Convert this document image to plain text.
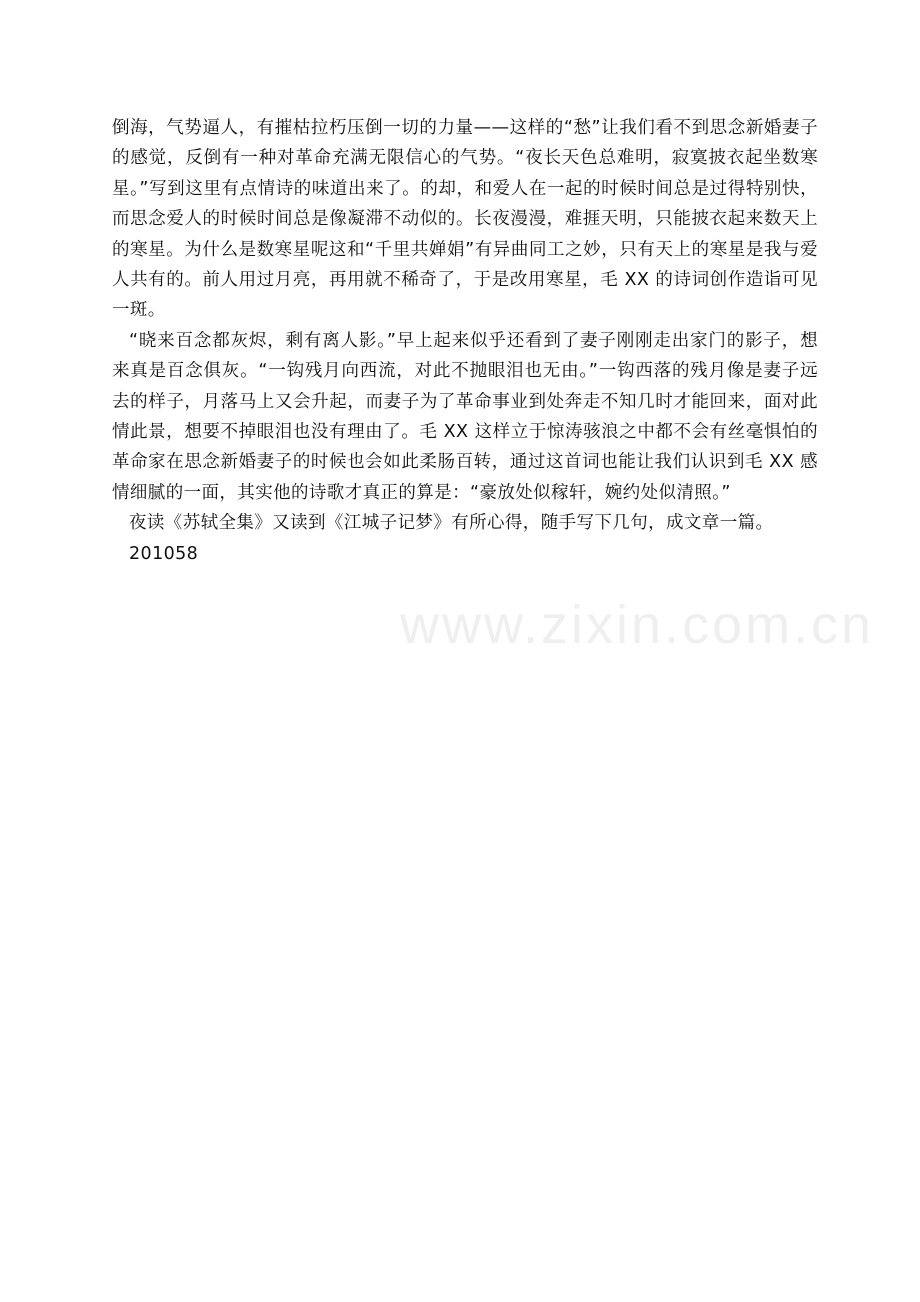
倒海，气势逼人，有摧枯拉朽压倒一切的力量——这样的“愁”让我们看不到思念新婚妻子的感觉，反倒有一种对革命充满无限信心的气势。“夜长天色总难明，寂寞披衣起坐数寒星。”写到这里有点情诗的味道出来了。的却，和爱人在一起的时候时间总是过得特别快，而思念爱人的时候时间总是像凝滞不动似的。长夜漫漫，难捱天明，只能披衣起来数天上的寒星。为什么是数寒星呢这和“千里共婵娟”有异曲同工之妙，只有天上的寒星是我与爱人共有的。前人用过月亮，再用就不稀奇了，于是改用寒星，毛 XX 的诗词创作造诣可见一斑。

“晓来百念都灰烬，剩有离人影。”早上起来似乎还看到了妻子刚刚走出家门的影子，想来真是百念俱灰。“一钩残月向西流，对此不抛眼泪也无由。”一钩西落的残月像是妻子远去的样子，月落马上又会升起，而妻子为了革命事业到处奔走不知几时才能回来，面对此情此景，想要不掉眼泪也没有理由了。毛 XX 这样立于惊涛骇浪之中都不会有丝毫惧怕的革命家在思念新婚妻子的时候也会如此柔肠百转，通过这首词也能让我们认识到毛 XX 感情细腻的一面，其实他的诗歌才真正的算是：“豪放处似稼轩，婉约处似清照。”

夜读《苏轼全集》又读到《江城子记梦》有所心得，随手写下几句，成文章一篇。

201058

www.zixin.com.cn
